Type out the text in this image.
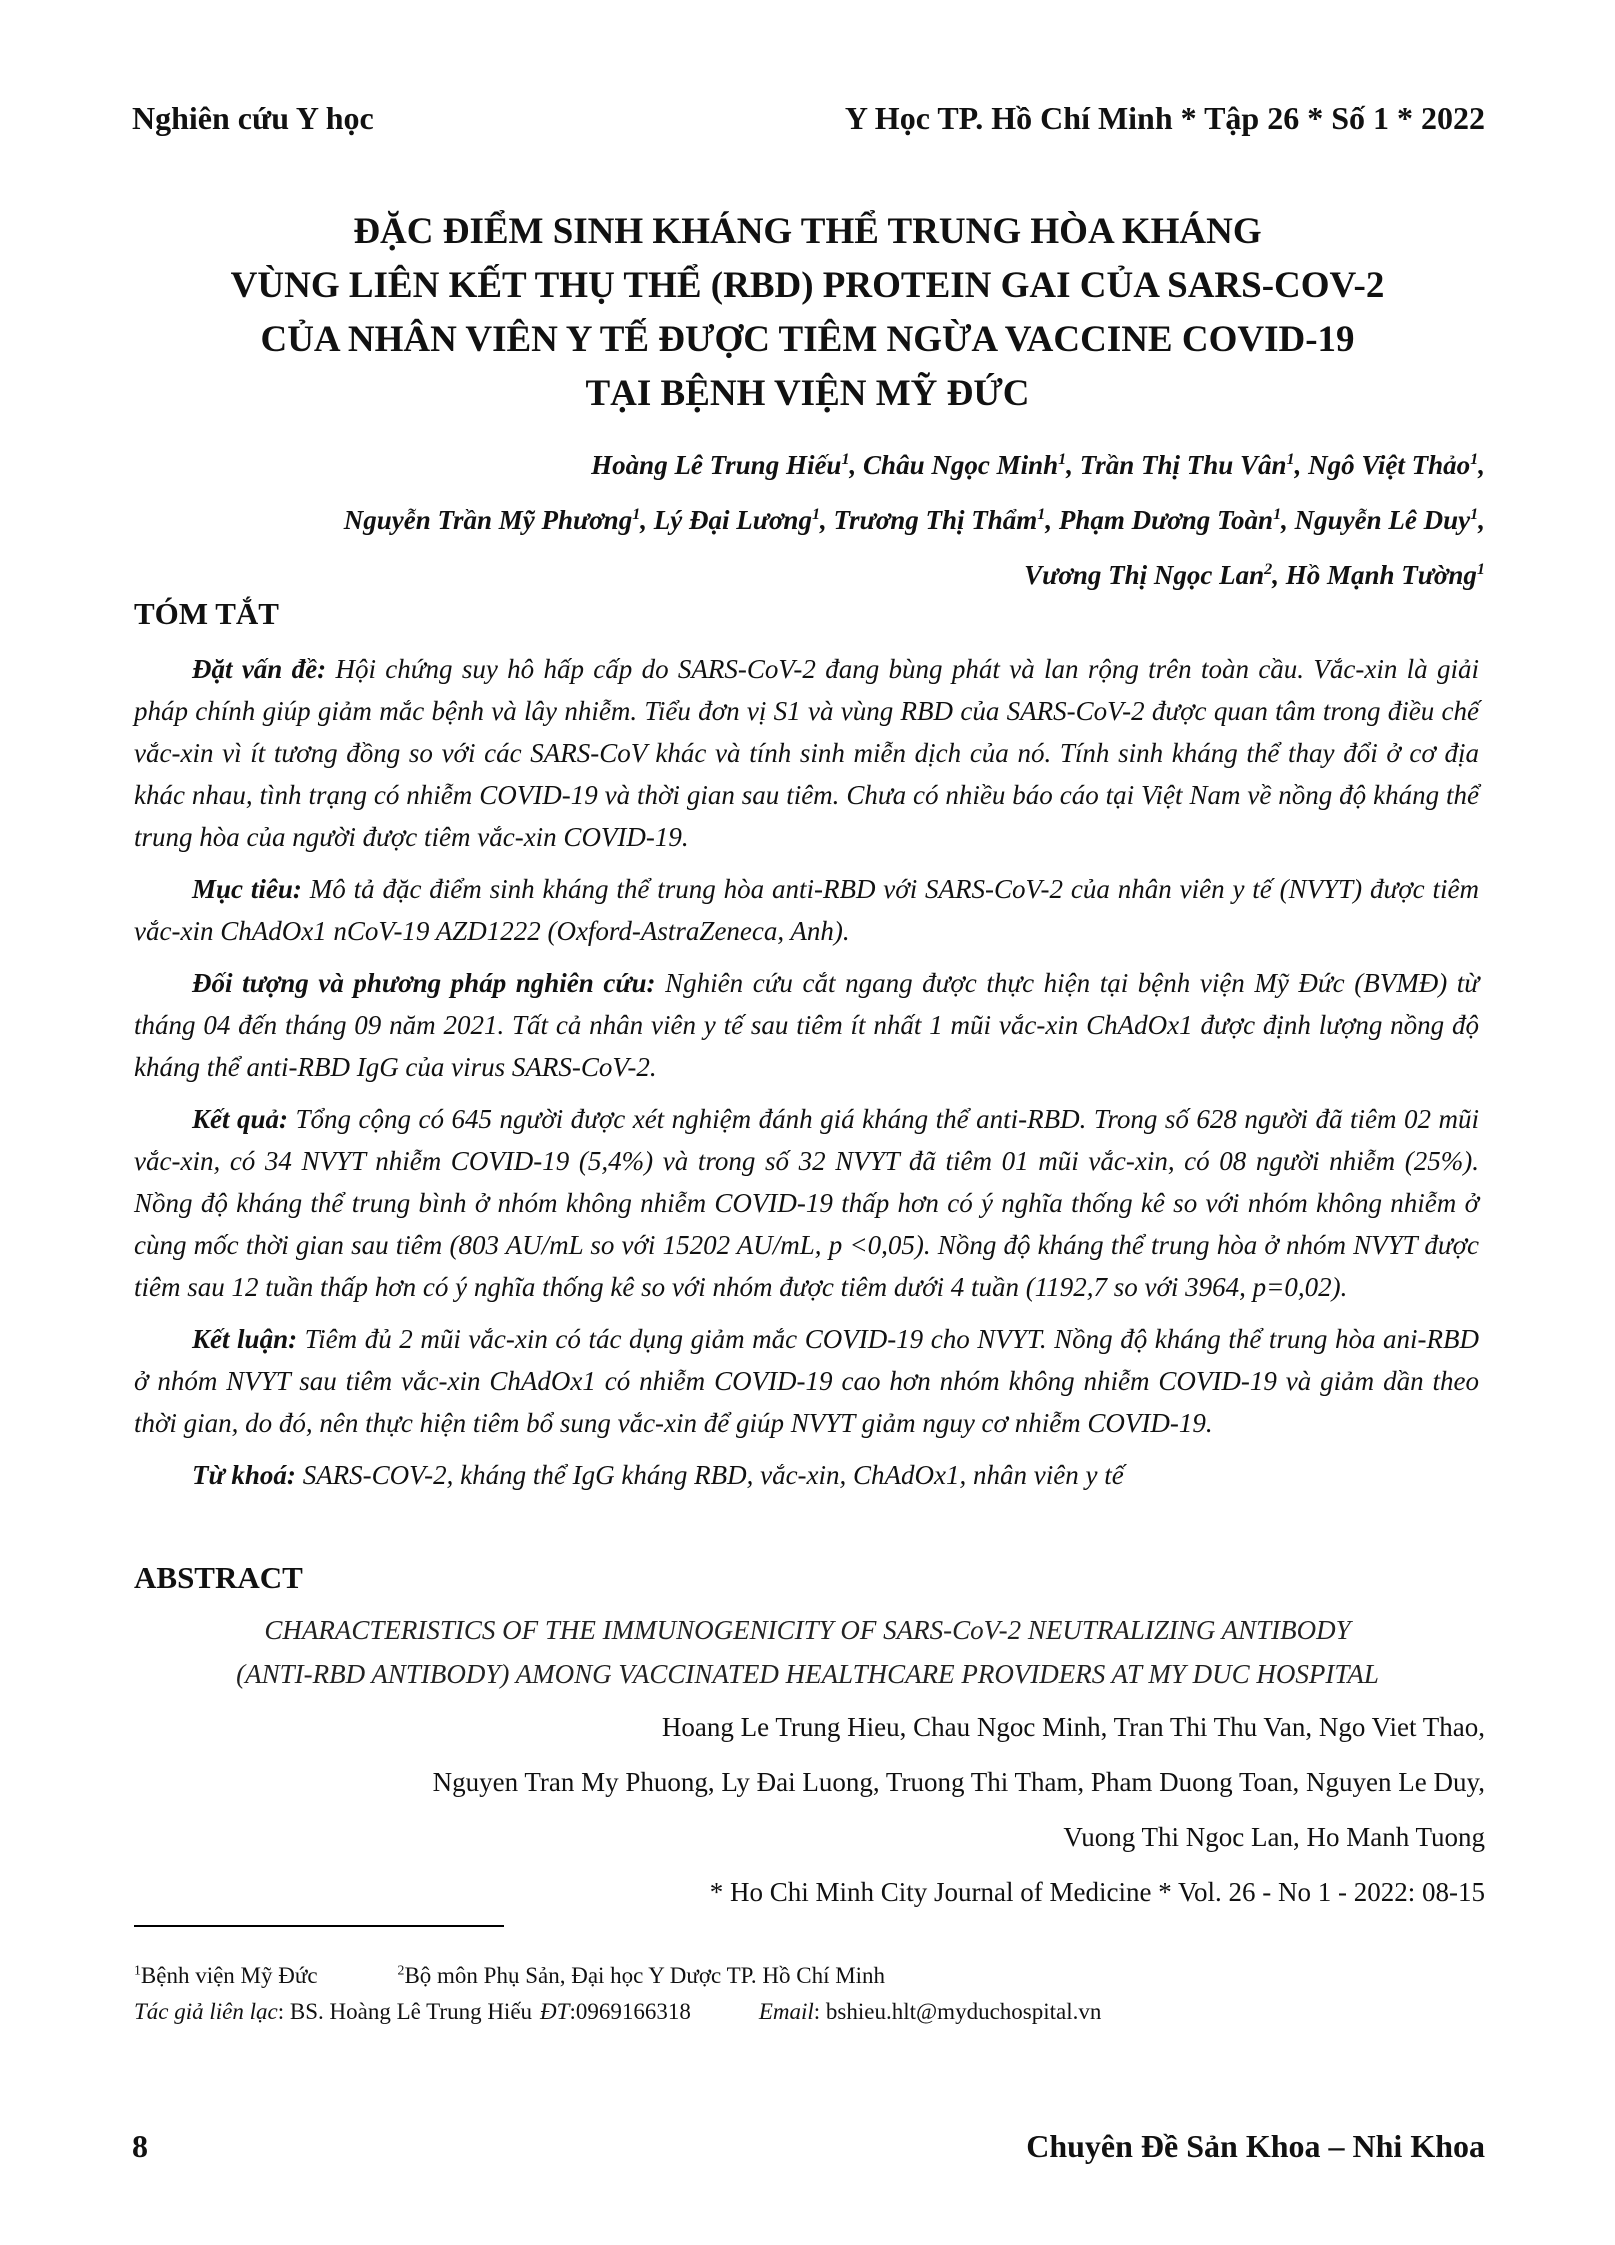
Nghiên cứu Y học	Y Học TP. Hồ Chí Minh * Tập 26 * Số 1 * 2022
ĐẶC ĐIỂM SINH KHÁNG THỂ TRUNG HÒA KHÁNG
VÙNG LIÊN KẾT THỤ THỂ (RBD) PROTEIN GAI CỦA SARS-COV-2
CỦA NHÂN VIÊN Y TẾ ĐƯỢC TIÊM NGỪA VACCINE COVID-19
TẠI BỆNH VIỆN MỸ ĐỨC
Hoàng Lê Trung Hiếu$^1$, Châu Ngọc Minh$^1$, Trần Thị Thu Vân$^1$, Ngô Việt Thảo$^1$,
Nguyễn Trần Mỹ Phương$^1$, Lý Đại Lương$^1$, Trương Thị Thẩm$^1$, Phạm Dương Toàn$^1$, Nguyễn Lê Duy$^1$,
Vương Thị Ngọc Lan$^2$, Hồ Mạnh Tường$^1$
TÓM TẮT
Đặt vấn đề: Hội chứng suy hô hấp cấp do SARS-CoV-2 đang bùng phát và lan rộng trên toàn cầu. Vắc-xin là giải pháp chính giúp giảm mắc bệnh và lây nhiễm. Tiểu đơn vị S1 và vùng RBD của SARS-CoV-2 được quan tâm trong điều chế vắc-xin vì ít tương đồng so với các SARS-CoV khác và tính sinh miễn dịch của nó. Tính sinh kháng thể thay đổi ở cơ địa khác nhau, tình trạng có nhiễm COVID-19 và thời gian sau tiêm. Chưa có nhiều báo cáo tại Việt Nam về nồng độ kháng thể trung hòa của người được tiêm vắc-xin COVID-19.
Mục tiêu: Mô tả đặc điểm sinh kháng thể trung hòa anti-RBD với SARS-CoV-2 của nhân viên y tế (NVYT) được tiêm vắc-xin ChAdOx1 nCoV-19 AZD1222 (Oxford-AstraZeneca, Anh).
Đối tượng và phương pháp nghiên cứu: Nghiên cứu cắt ngang được thực hiện tại bệnh viện Mỹ Đức (BVMĐ) từ tháng 04 đến tháng 09 năm 2021. Tất cả nhân viên y tế sau tiêm ít nhất 1 mũi vắc-xin ChAdOx1 được định lượng nồng độ kháng thể anti-RBD IgG của virus SARS-CoV-2.
Kết quả: Tổng cộng có 645 người được xét nghiệm đánh giá kháng thể anti-RBD. Trong số 628 người đã tiêm 02 mũi vắc-xin, có 34 NVYT nhiễm COVID-19 (5,4%) và trong số 32 NVYT đã tiêm 01 mũi vắc-xin, có 08 người nhiễm (25%). Nồng độ kháng thể trung bình ở nhóm không nhiễm COVID-19 thấp hơn có ý nghĩa thống kê so với nhóm không nhiễm ở cùng mốc thời gian sau tiêm (803 AU/mL so với 15202 AU/mL, p <0,05). Nồng độ kháng thể trung hòa ở nhóm NVYT được tiêm sau 12 tuần thấp hơn có ý nghĩa thống kê so với nhóm được tiêm dưới 4 tuần (1192,7 so với 3964, p=0,02).
Kết luận: Tiêm đủ 2 mũi vắc-xin có tác dụng giảm mắc COVID-19 cho NVYT. Nồng độ kháng thể trung hòa ani-RBD ở nhóm NVYT sau tiêm vắc-xin ChAdOx1 có nhiễm COVID-19 cao hơn nhóm không nhiễm COVID-19 và giảm dần theo thời gian, do đó, nên thực hiện tiêm bổ sung vắc-xin để giúp NVYT giảm nguy cơ nhiễm COVID-19.
Từ khoá: SARS-COV-2, kháng thể IgG kháng RBD, vắc-xin, ChAdOx1, nhân viên y tế
ABSTRACT
CHARACTERISTICS OF THE IMMUNOGENICITY OF SARS-CoV-2 NEUTRALIZING ANTIBODY
(ANTI-RBD ANTIBODY) AMONG VACCINATED HEALTHCARE PROVIDERS AT MY DUC HOSPITAL
Hoang Le Trung Hieu, Chau Ngoc Minh, Tran Thi Thu Van, Ngo Viet Thao,
Nguyen Tran My Phuong, Ly Đai Luong, Truong Thi Tham, Pham Duong Toan, Nguyen Le Duy,
Vuong Thi Ngoc Lan, Ho Manh Tuong
* Ho Chi Minh City Journal of Medicine * Vol. 26 - No 1 - 2022: 08-15
$^1$Bệnh viện Mỹ Đức	$^2$Bộ môn Phụ Sản, Đại học Y Dược TP. Hồ Chí Minh
Tác giả liên lạc: BS. Hoàng Lê Trung Hiếu ĐT:0969166318	Email: bshieu.hlt@myduchospital.vn
8	Chuyên Đề Sản Khoa – Nhi Khoa
